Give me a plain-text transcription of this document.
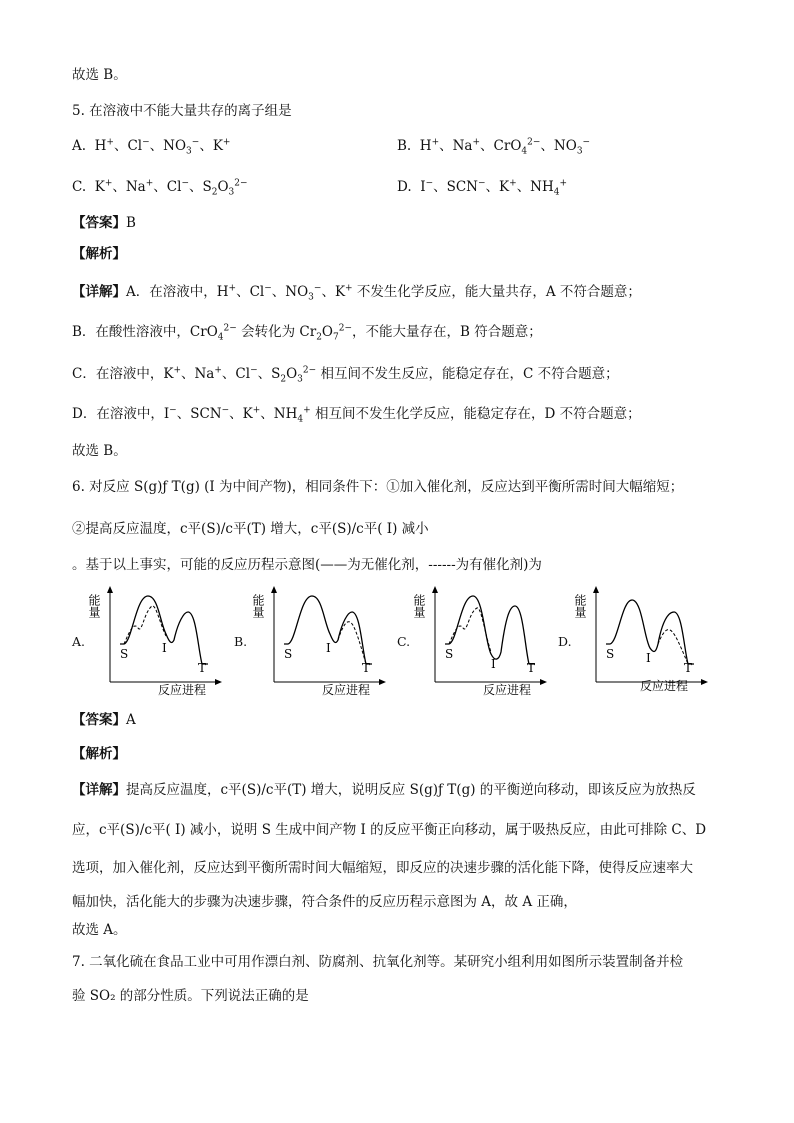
故选 B。
5. 在溶液中不能大量共存的离子组是
A.  H+、Cl−、$NO_3^-$、K+	B.  H+、Na+、CrO$_4^{2-}$、$NO_3^-$
C.  K+、Na+、Cl−、$S_2O_3^{2-}$	D.  I−、SCN−、K+、$NH_4^+$
【答案】B
【解析】
【详解】A．在溶液中，H+、Cl−、$NO_3^-$、K+ 不发生化学反应，能大量共存，A 不符合题意；
B．在酸性溶液中，CrO$_4^{2-}$ 会转化为 $Cr_2O_7^{2-}$，不能大量存在，B 符合题意；
C．在溶液中，K+、Na+、Cl−、$S_2O_3^{2-}$ 相互间不发生反应，能稳定存在，C 不符合题意；
D．在溶液中，I−、SCN−、K+、$NH_4^+$ 相互间不发生化学反应，能稳定存在，D 不符合题意；
故选 B。
6. 对反应 S(g)ƒ T(g) (I 为中间产物)，相同条件下：①加入催化剂，反应达到平衡所需时间大幅缩短；
②提高反应温度，c平(S)/c平(T) 增大，c平(S)/c平( I) 减小
。基于以上事实，可能的反应历程示意图(——为无催化剂，------为有催化剂)为
A.	B.	C.	D.
能量
S	I
T
反应进程
能量
S	I
T
反应进程
能量
S
I	T
反应进程
能量
S	I
T
反应进程
【答案】A
【解析】
【详解】提高反应温度，c平(S)/c平(T) 增大，说明反应 S(g)ƒ T(g) 的平衡逆向移动，即该反应为放热反
应，c平(S)/c平( I) 减小，说明 S 生成中间产物 I 的反应平衡正向移动，属于吸热反应，由此可排除 C、D
选项，加入催化剂，反应达到平衡所需时间大幅缩短，即反应的决速步骤的活化能下降，使得反应速率大
幅加快，活化能大的步骤为决速步骤，符合条件的反应历程示意图为 A，故 A 正确，
故选 A。
7. 二氧化硫在食品工业中可用作漂白剂、防腐剂、抗氧化剂等。某研究小组利用如图所示装置制备并检
验 SO₂ 的部分性质。下列说法正确的是
